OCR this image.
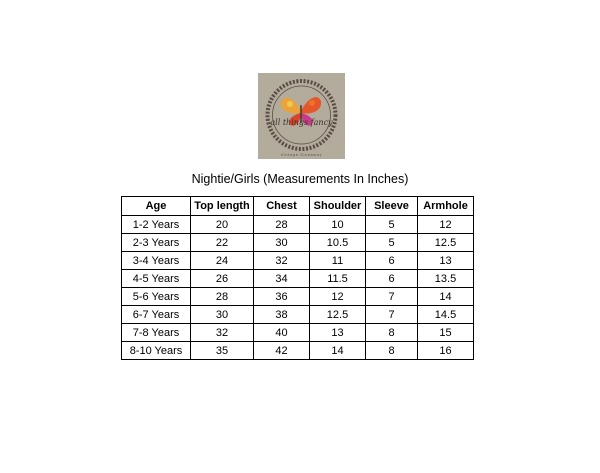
all things fancy
Vintage Giveaway
Nightie/Girls (Measurements In Inches)
Age	Top length	Chest	Shoulder	Sleeve	Armhole
1-2 Years	20	28	10	5	12
2-3 Years	22	30	10.5	5	12.5
3-4 Years	24	32	11	6	13
4-5 Years	26	34	11.5	6	13.5
5-6 Years	28	36	12	7	14
6-7 Years	30	38	12.5	7	14.5
7-8 Years	32	40	13	8	15
8-10 Years	35	42	14	8	16
